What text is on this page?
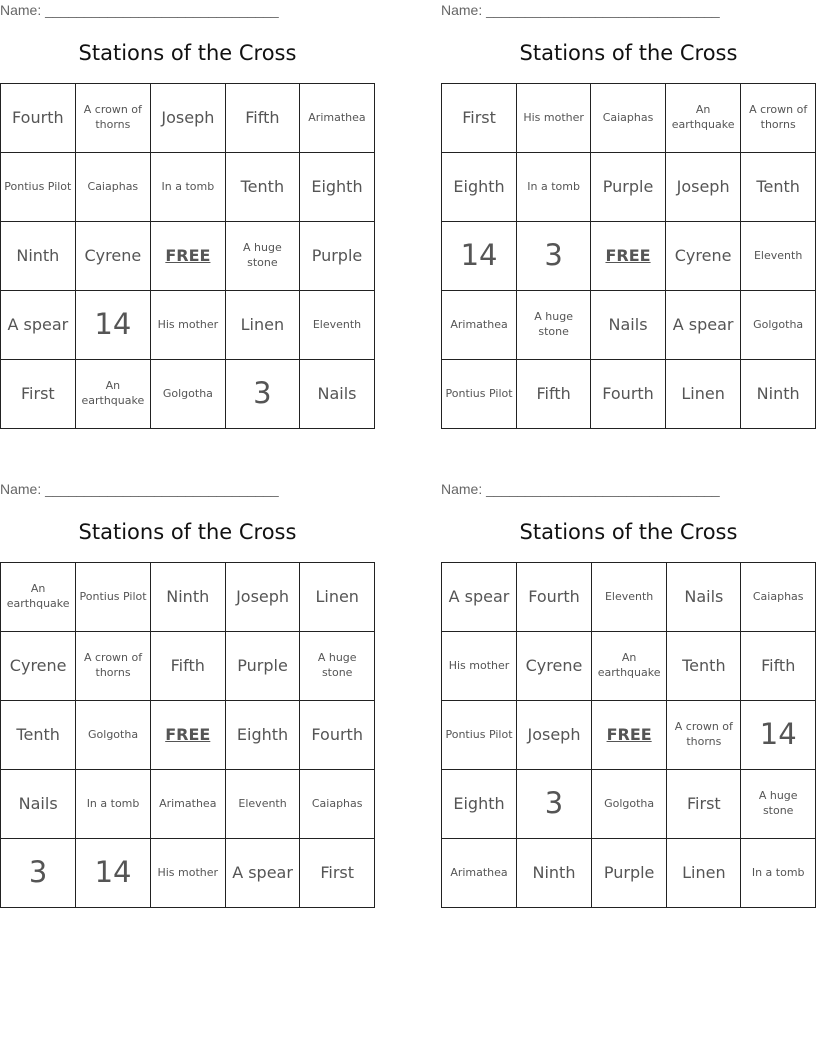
Name: ______________________________
Stations of the Cross
Fourth	A crown of thorns	Joseph	Fifth	Arimathea
Pontius Pilot	Caiaphas	In a tomb	Tenth	Eighth
Ninth	Cyrene	FREE	A huge stone	Purple
A spear	14	His mother	Linen	Eleventh
First	An earthquake	Golgotha	3	Nails
Name: ______________________________
Stations of the Cross
First	His mother	Caiaphas	An earthquake	A crown of thorns
Eighth	In a tomb	Purple	Joseph	Tenth
14	3	FREE	Cyrene	Eleventh
Arimathea	A huge stone	Nails	A spear	Golgotha
Pontius Pilot	Fifth	Fourth	Linen	Ninth
Name: ______________________________
Stations of the Cross
An earthquake	Pontius Pilot	Ninth	Joseph	Linen
Cyrene	A crown of thorns	Fifth	Purple	A huge stone
Tenth	Golgotha	FREE	Eighth	Fourth
Nails	In a tomb	Arimathea	Eleventh	Caiaphas
3	14	His mother	A spear	First
Name: ______________________________
Stations of the Cross
A spear	Fourth	Eleventh	Nails	Caiaphas
His mother	Cyrene	An earthquake	Tenth	Fifth
Pontius Pilot	Joseph	FREE	A crown of thorns	14
Eighth	3	Golgotha	First	A huge stone
Arimathea	Ninth	Purple	Linen	In a tomb
